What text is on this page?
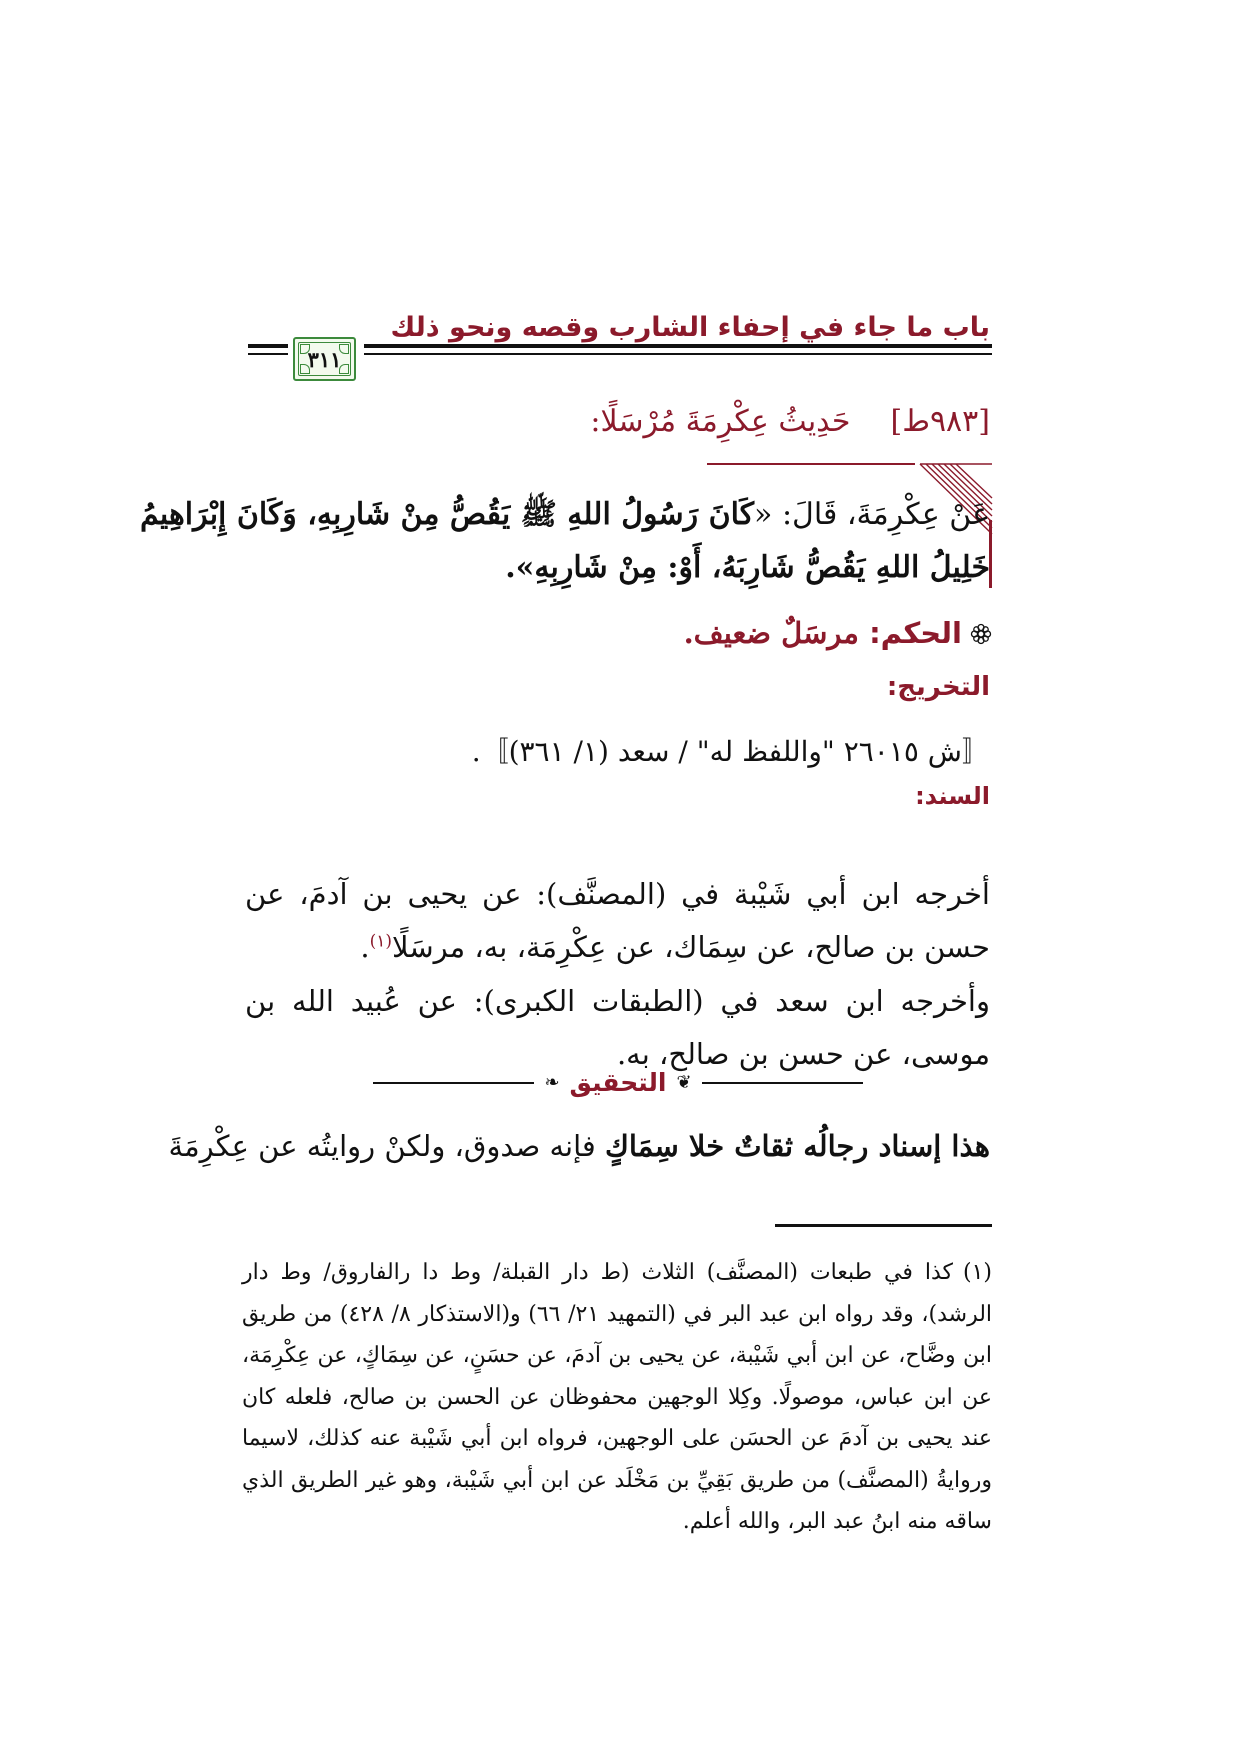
باب ما جاء في إحفاء الشارب وقصه ونحو ذلك
٣١١
[٩٨٣ط]حَدِيثُ عِكْرِمَةَ مُرْسَلًا:
عَنْ عِكْرِمَةَ، قَالَ: «كَانَ رَسُولُ اللهِ ﷺ يَقُصُّ مِنْ شَارِبِهِ، وَكَانَ إِبْرَاهِيمُ
خَلِيلُ اللهِ يَقُصُّ شَارِبَهُ، أَوْ: مِنْ شَارِبِهِ».
الحكم: مرسَلٌ ضعيف.
التخريج:
〚ش ٢٦٠١٥ "واللفظ له" / سعد (١/ ٣٦١)〛.
السند:
أخرجه ابن أبي شَيْبة في (المصنَّف): عن يحيى بن آدمَ، عن حسن بن صالح، عن سِمَاك، عن عِكْرِمَة، به، مرسَلًا$^{(١)}$.
وأخرجه ابن سعد في (الطبقات الكبرى): عن عُبيد الله بن موسى، عن حسن بن صالح، به.
❦
التحقيق
❧
هذا إسناد رجالُه ثقاتٌ خلا سِمَاكٍ فإنه صدوق، ولكنْ روايتُه عن عِكْرِمَةَ
(١)كذا في طبعات (المصنَّف) الثلاث (ط دار القبلة/ وط دا رالفاروق/ وط دار الرشد)، وقد رواه ابن عبد البر في (التمهيد ٢١/ ٦٦) و(الاستذكار ٨/ ٤٢٨) من طريق ابن وضَّاح، عن ابن أبي شَيْبة، عن يحيى بن آدمَ، عن حسَنٍ، عن سِمَاكٍ، عن عِكْرِمَة، عن ابن عباس، موصولًا. وكِلا الوجهين محفوظان عن الحسن بن صالح، فلعله كان عند يحيى بن آدمَ عن الحسَن على الوجهين، فرواه ابن أبي شَيْبة عنه كذلك، لاسيما وروايةُ (المصنَّف) من طريق بَقِيِّ بن مَخْلَد عن ابن أبي شَيْبة، وهو غير الطريق الذي ساقه منه ابنُ عبد البر، والله أعلم.
